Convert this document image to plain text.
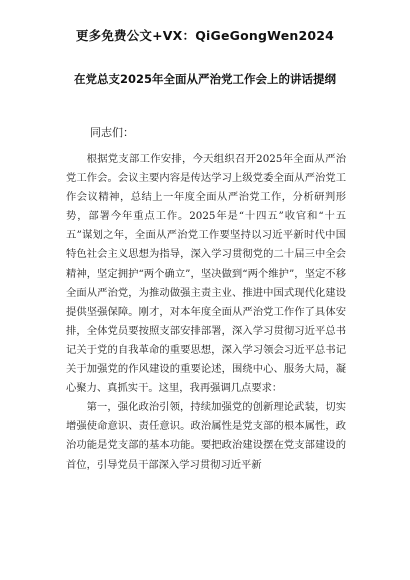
更多免费公文+VX：QiGeGongWen2024
在党总支2025年全面从严治党工作会上的讲话提纲
同志们：

根据党支部工作安排，今天组织召开2025年全面从严治党工作会。会议主要内容是传达学习上级党委全面从严治党工作会议精神，总结上一年度全面从严治党工作，分析研判形势，部署今年重点工作。2025年是“十四五”收官和“十五五”谋划之年，全面从严治党工作要坚持以习近平新时代中国特色社会主义思想为指导，深入学习贯彻党的二十届三中全会精神，坚定拥护“两个确立”，坚决做到“两个维护”，坚定不移全面从严治党，为推动做强主责主业、推进中国式现代化建设提供坚强保障。刚才，对本年度全面从严治党工作作了具体安排，全体党员要按照支部安排部署，深入学习贯彻习近平总书记关于党的自我革命的重要思想，深入学习领会习近平总书记关于加强党的作风建设的重要论述，围绕中心、服务大局，凝心聚力、真抓实干。这里，我再强调几点要求：

第一，强化政治引领，持续加强党的创新理论武装，切实增强使命意识、责任意识。政治属性是党支部的根本属性，政治功能是党支部的基本功能。要把政治建设摆在党支部建设的首位，引导党员干部深入学习贯彻习近平新
